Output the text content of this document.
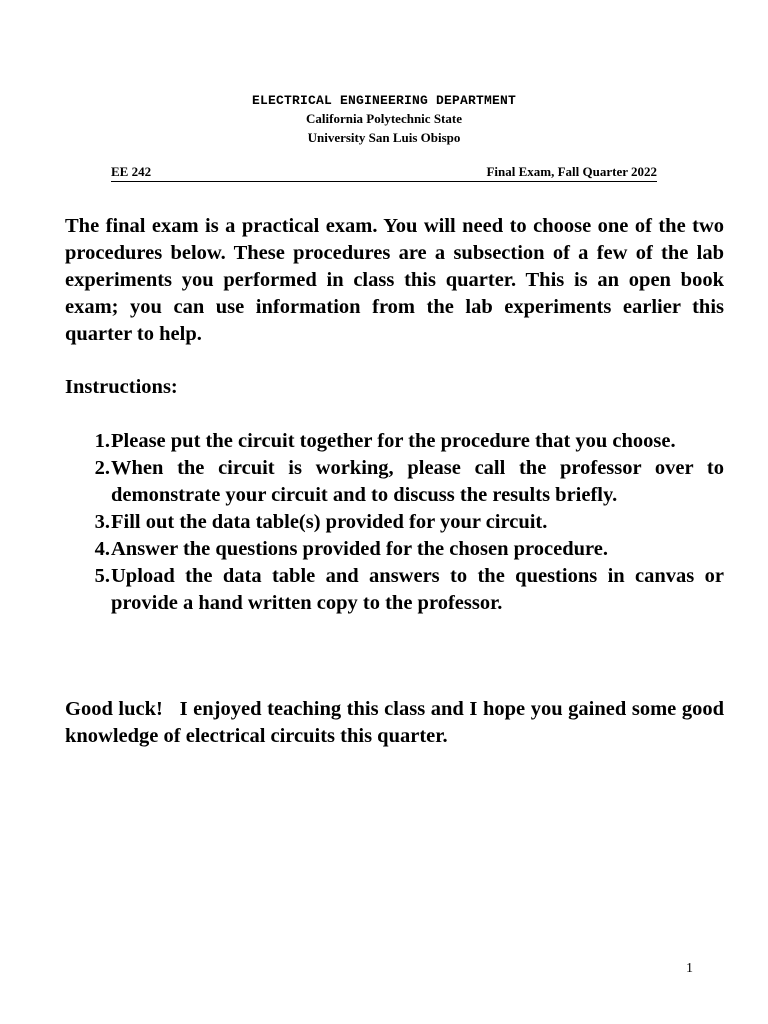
ELECTRICAL ENGINEERING DEPARTMENT
California Polytechnic State
University San Luis Obispo
EE 242	Final Exam, Fall Quarter 2022

The final exam is a practical exam. You will need to choose one of the two procedures below. These procedures are a subsection of a few of the lab experiments you performed in class this quarter. This is an open book exam; you can use information from the lab experiments earlier this quarter to help.

Instructions:

1. Please put the circuit together for the procedure that you choose.
2. When the circuit is working, please call the professor over to demonstrate your circuit and to discuss the results briefly.
3. Fill out the data table(s) provided for your circuit.
4. Answer the questions provided for the chosen procedure.
5. Upload the data table and answers to the questions in canvas or provide a hand written copy to the professor.

Good luck!   I enjoyed teaching this class and I hope you gained some good knowledge of electrical circuits this quarter.

1
